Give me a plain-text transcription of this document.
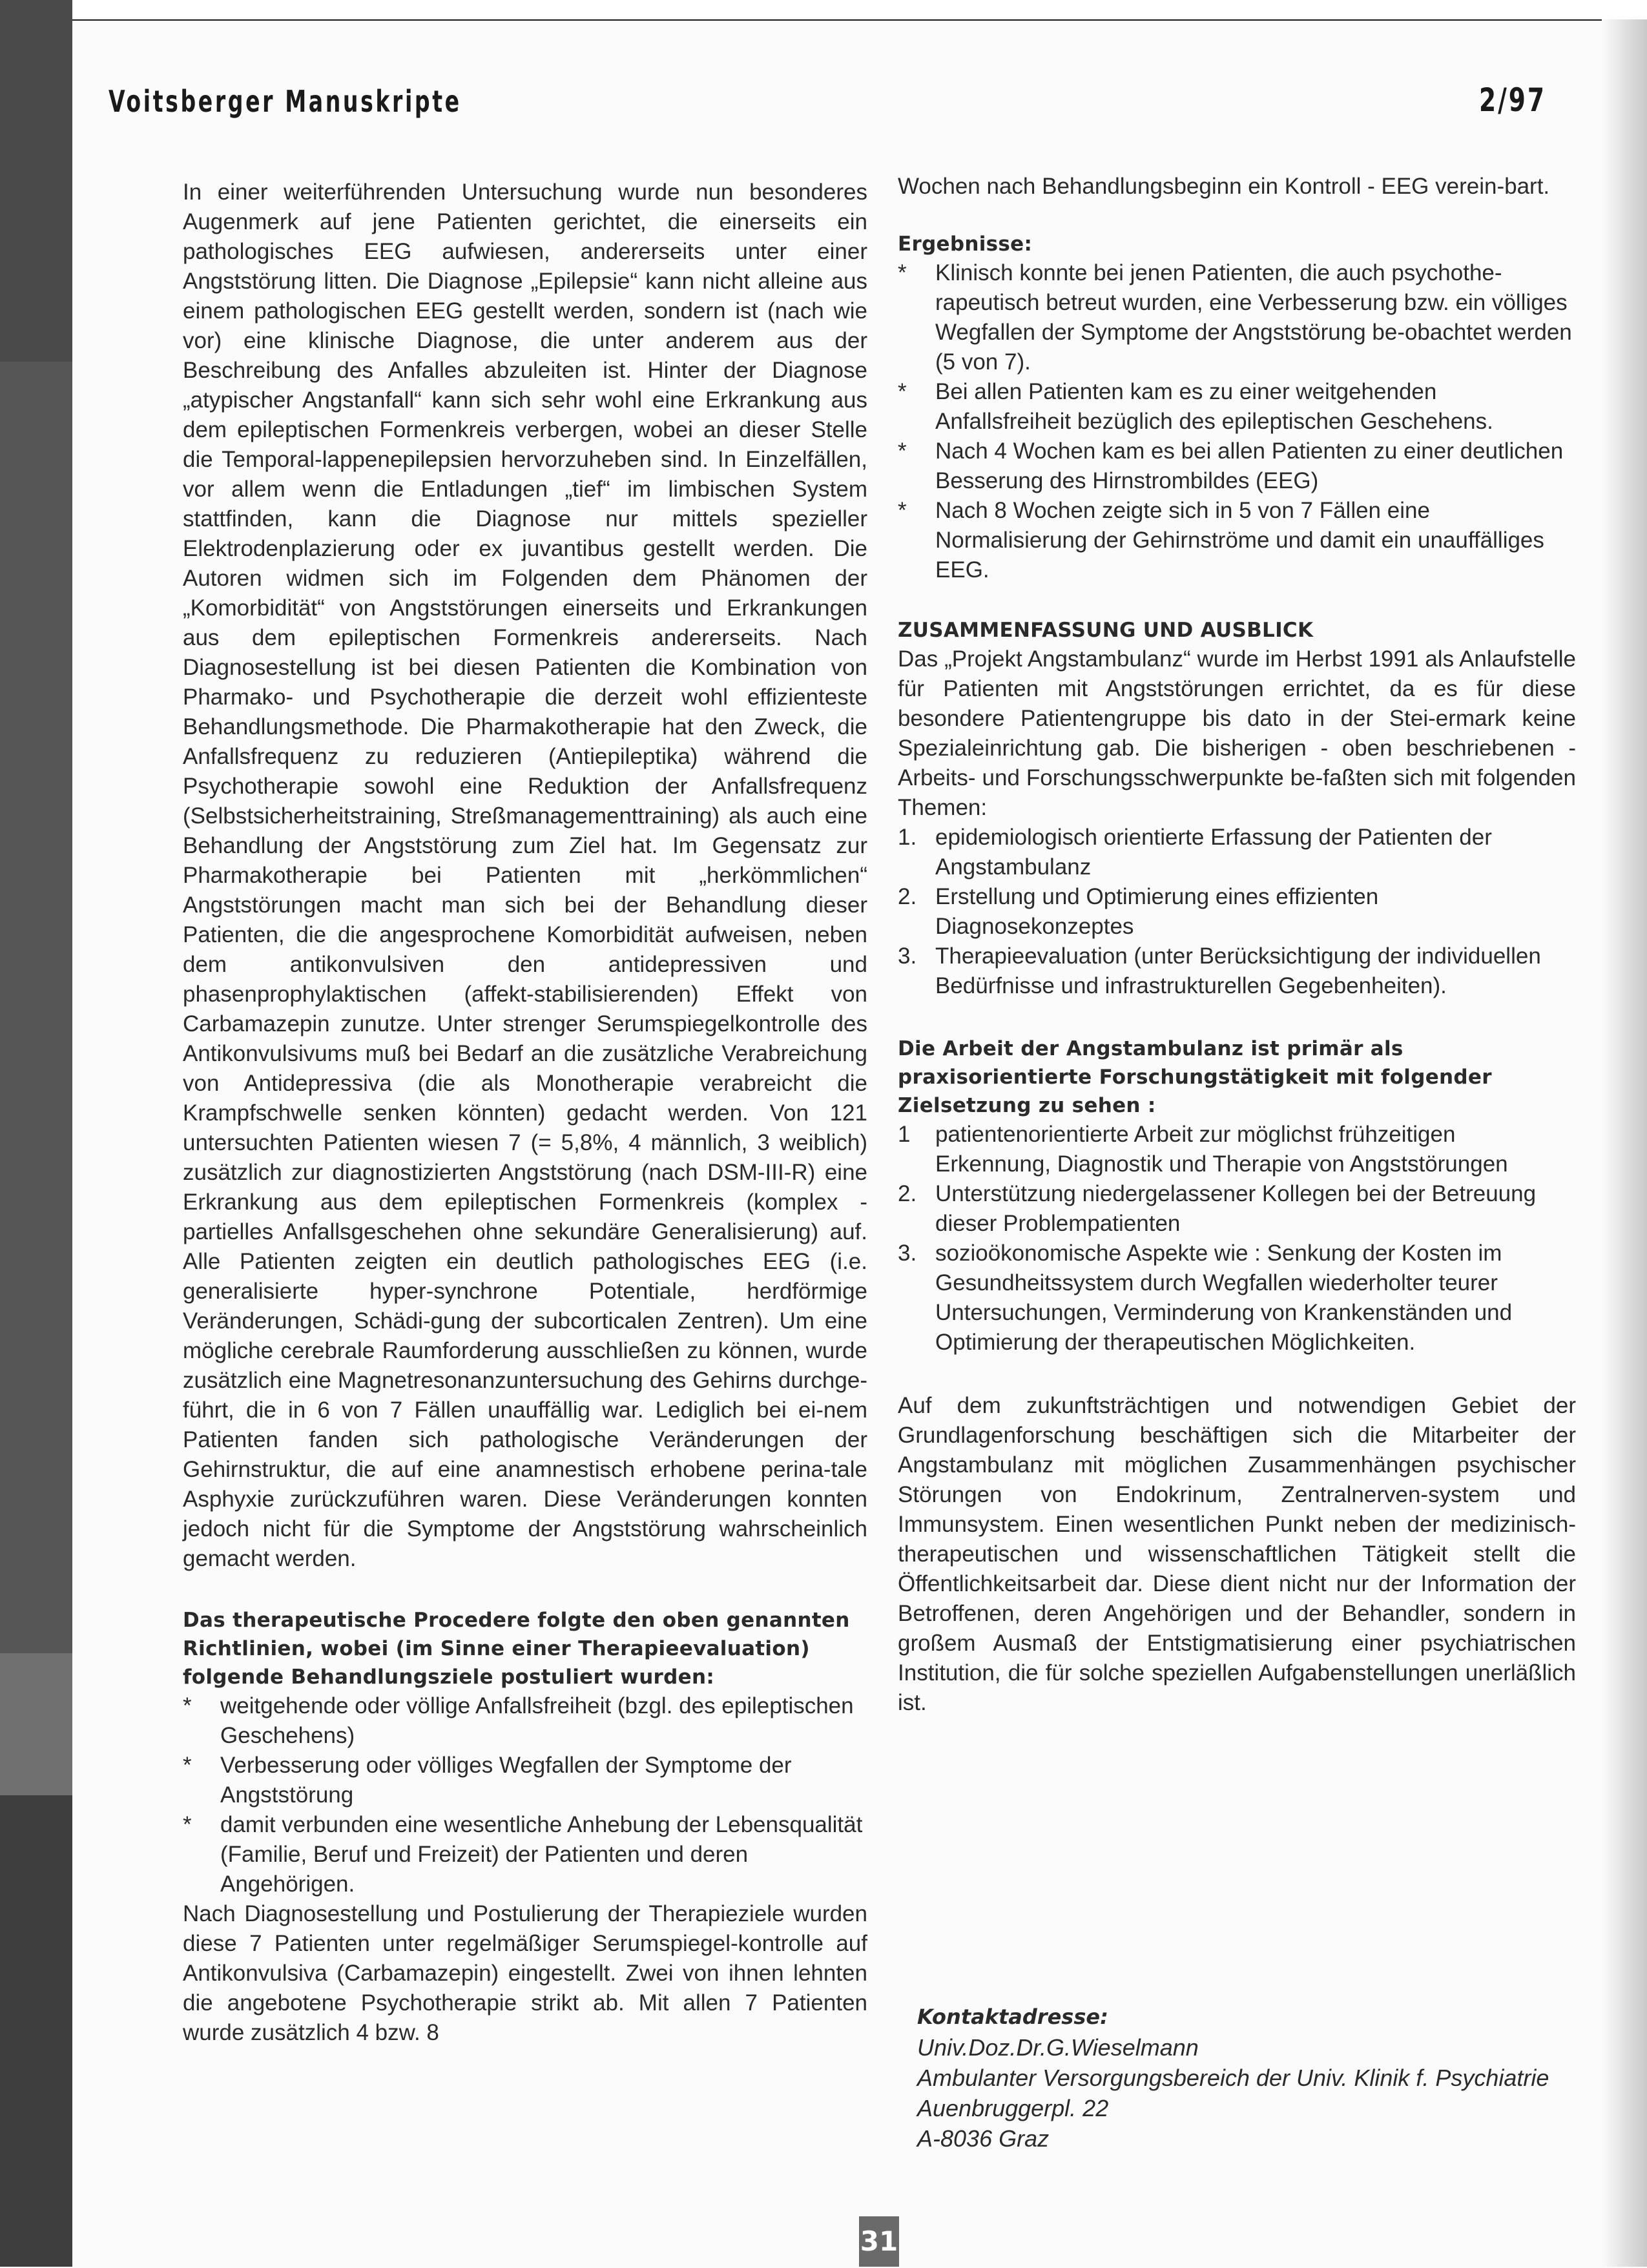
Voitsberger Manuskripte	2/97

In einer weiterführenden Untersuchung wurde nun besonderes Augenmerk auf jene Patienten gerichtet, die einerseits ein pathologisches EEG aufwiesen, andererseits unter einer Angststörung litten. Die Diagnose „Epilepsie“ kann nicht alleine aus einem pathologischen EEG gestellt werden, sondern ist (nach wie vor) eine klinische Diagnose, die unter anderem aus der Beschreibung des Anfalles abzuleiten ist. Hinter der Diagnose „atypischer Angstanfall“ kann sich sehr wohl eine Erkrankung aus dem epileptischen Formenkreis verbergen, wobei an dieser Stelle die Temporal-lappenepilepsien hervorzuheben sind. In Einzelfällen, vor allem wenn die Entladungen „tief“ im limbischen System stattfinden, kann die Diagnose nur mittels spezieller Elektrodenplazierung oder ex juvantibus gestellt werden. Die Autoren widmen sich im Folgenden dem Phänomen der „Komorbidität“ von Angststörungen einerseits und Erkrankungen aus dem epileptischen Formenkreis andererseits. Nach Diagnosestellung ist bei diesen Patienten die Kombination von Pharmako- und Psychotherapie die derzeit wohl effizienteste Behandlungsmethode. Die Pharmakotherapie hat den Zweck, die Anfallsfrequenz zu reduzieren (Antiepileptika) während die Psychotherapie sowohl eine Reduktion der Anfallsfrequenz (Selbstsicherheitstraining, Streßmanagementtraining) als auch eine Behandlung der Angststörung zum Ziel hat. Im Gegensatz zur Pharmakotherapie bei Patienten mit „herkömmlichen“ Angststörungen macht man sich bei der Behandlung dieser Patienten, die die angesprochene Komorbidität aufweisen, neben dem antikonvulsiven den antidepressiven und phasenprophylaktischen (affekt-stabilisierenden) Effekt von Carbamazepin zunutze. Unter strenger Serumspiegelkontrolle des Antikonvulsivums muß bei Bedarf an die zusätzliche Verabreichung von Antidepressiva (die als Monotherapie verabreicht die Krampfschwelle senken könnten) gedacht werden. Von 121 untersuchten Patienten wiesen 7 (= 5,8%, 4 männlich, 3 weiblich) zusätzlich zur diagnostizierten Angststörung (nach DSM-III-R) eine Erkrankung aus dem epileptischen Formenkreis (komplex - partielles Anfallsgeschehen ohne sekundäre Generalisierung) auf. Alle Patienten zeigten ein deutlich pathologisches EEG (i.e. generalisierte hyper-synchrone Potentiale, herdförmige Veränderungen, Schädi-gung der subcorticalen Zentren). Um eine mögliche cerebrale Raumforderung ausschließen zu können, wurde zusätzlich eine Magnetresonanzuntersuchung des Gehirns durchge-führt, die in 6 von 7 Fällen unauffällig war. Lediglich bei ei-nem Patienten fanden sich pathologische Veränderungen der Gehirnstruktur, die auf eine anamnestisch erhobene perina-tale Asphyxie zurückzuführen waren. Diese Veränderungen konnten jedoch nicht für die Symptome der Angststörung wahrscheinlich gemacht werden.

Das therapeutische Procedere folgte den oben genannten Richtlinien, wobei (im Sinne einer Therapieevaluation) folgende Behandlungsziele postuliert wurden:

* weitgehende oder völlige Anfallsfreiheit (bzgl. des epileptischen Geschehens)
* Verbesserung oder völliges Wegfallen der Symptome der Angststörung
* damit verbunden eine wesentliche Anhebung der Lebensqualität (Familie, Beruf und Freizeit) der Patienten und deren Angehörigen.

Nach Diagnosestellung und Postulierung der Therapieziele wurden diese 7 Patienten unter regelmäßiger Serumspiegel-kontrolle auf Antikonvulsiva (Carbamazepin) eingestellt. Zwei von ihnen lehnten die angebotene Psychotherapie strikt ab. Mit allen 7 Patienten wurde zusätzlich 4 bzw. 8

Wochen nach Behandlungsbeginn ein Kontroll - EEG verein-bart.

Ergebnisse:

* Klinisch konnte bei jenen Patienten, die auch psychothe-rapeutisch betreut wurden, eine Verbesserung bzw. ein völliges Wegfallen der Symptome der Angststörung be-obachtet werden (5 von 7).
* Bei allen Patienten kam es zu einer weitgehenden Anfallsfreiheit bezüglich des epileptischen Geschehens.
* Nach 4 Wochen kam es bei allen Patienten zu einer deutlichen Besserung des Hirnstrombildes (EEG)
* Nach 8 Wochen zeigte sich in 5 von 7 Fällen eine Normalisierung der Gehirnströme und damit ein unauffälliges EEG.

ZUSAMMENFASSUNG UND AUSBLICK

Das „Projekt Angstambulanz“ wurde im Herbst 1991 als Anlaufstelle für Patienten mit Angststörungen errichtet, da es für diese besondere Patientengruppe bis dato in der Stei-ermark keine Spezialeinrichtung gab. Die bisherigen - oben beschriebenen - Arbeits- und Forschungsschwerpunkte be-faßten sich mit folgenden Themen:

1. epidemiologisch orientierte Erfassung der Patienten der Angstambulanz
2. Erstellung und Optimierung eines effizienten Diagnosekonzeptes
3. Therapieevaluation (unter Berücksichtigung der individuellen Bedürfnisse und infrastrukturellen Gegebenheiten).

Die Arbeit der Angstambulanz ist primär als praxisorientierte Forschungstätigkeit mit folgender Zielsetzung zu sehen :

1 patientenorientierte Arbeit zur möglichst frühzeitigen Erkennung, Diagnostik und Therapie von Angststörungen
2. Unterstützung niedergelassener Kollegen bei der Betreuung dieser Problempatienten
3. sozioökonomische Aspekte wie : Senkung der Kosten im Gesundheitssystem durch Wegfallen wiederholter teurer Untersuchungen, Verminderung von Krankenständen und Optimierung der therapeutischen Möglichkeiten.

Auf dem zukunftsträchtigen und notwendigen Gebiet der Grundlagenforschung beschäftigen sich die Mitarbeiter der Angstambulanz mit möglichen Zusammenhängen psychischer Störungen von Endokrinum, Zentralnerven-system und Immunsystem. Einen wesentlichen Punkt neben der medizinisch-therapeutischen und wissenschaftlichen Tätigkeit stellt die Öffentlichkeitsarbeit dar. Diese dient nicht nur der Information der Betroffenen, deren Angehörigen und der Behandler, sondern in großem Ausmaß der Entstigmatisierung einer psychiatrischen Institution, die für solche speziellen Aufgabenstellungen unerläßlich ist.

Kontaktadresse:
Univ.Doz.Dr.G.Wieselmann
Ambulanter Versorgungsbereich der Univ. Klinik f. Psychiatrie
Auenbruggerpl. 22
A-8036 Graz
31
